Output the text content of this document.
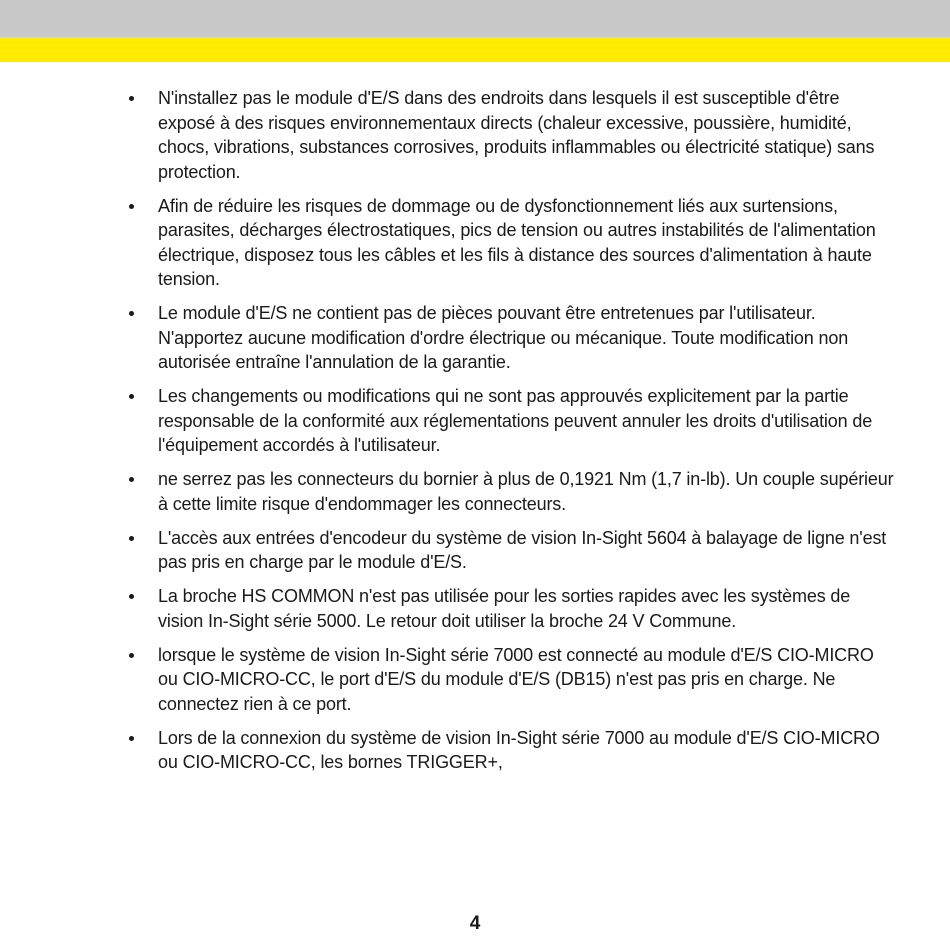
N'installez pas le module d'E/S dans des endroits dans lesquels il est susceptible d'être exposé à des risques environnementaux directs (chaleur excessive, poussière, humidité, chocs, vibrations, substances corrosives, produits inflammables ou électricité statique) sans protection.
Afin de réduire les risques de dommage ou de dysfonctionnement liés aux surtensions, parasites, décharges électrostatiques, pics de tension ou autres instabilités de l'alimentation électrique, disposez tous les câbles et les fils à distance des sources d'alimentation à haute tension.
Le module d'E/S ne contient pas de pièces pouvant être entretenues par l'utilisateur. N'apportez aucune modification d'ordre électrique ou mécanique. Toute modification non autorisée entraîne l'annulation de la garantie.
Les changements ou modifications qui ne sont pas approuvés explicitement par la partie responsable de la conformité aux réglementations peuvent annuler les droits d'utilisation de l'équipement accordés à l'utilisateur.
ne serrez pas les connecteurs du bornier à plus de 0,1921 Nm (1,7 in-lb). Un couple supérieur à cette limite risque d'endommager les connecteurs.
L'accès aux entrées d'encodeur du système de vision In-Sight 5604 à balayage de ligne n'est pas pris en charge par le module d'E/S.
La broche HS COMMON n'est pas utilisée pour les sorties rapides avec les systèmes de vision In-Sight série 5000. Le retour doit utiliser la broche 24 V Commune.
lorsque le système de vision In-Sight série 7000 est connecté au module d'E/S CIO-MICRO ou CIO-MICRO-CC, le port d'E/S du module d'E/S (DB15) n'est pas pris en charge. Ne connectez rien à ce port.
Lors de la connexion du système de vision In-Sight série 7000 au module d'E/S CIO-MICRO ou CIO-MICRO-CC, les bornes TRIGGER+,
4
